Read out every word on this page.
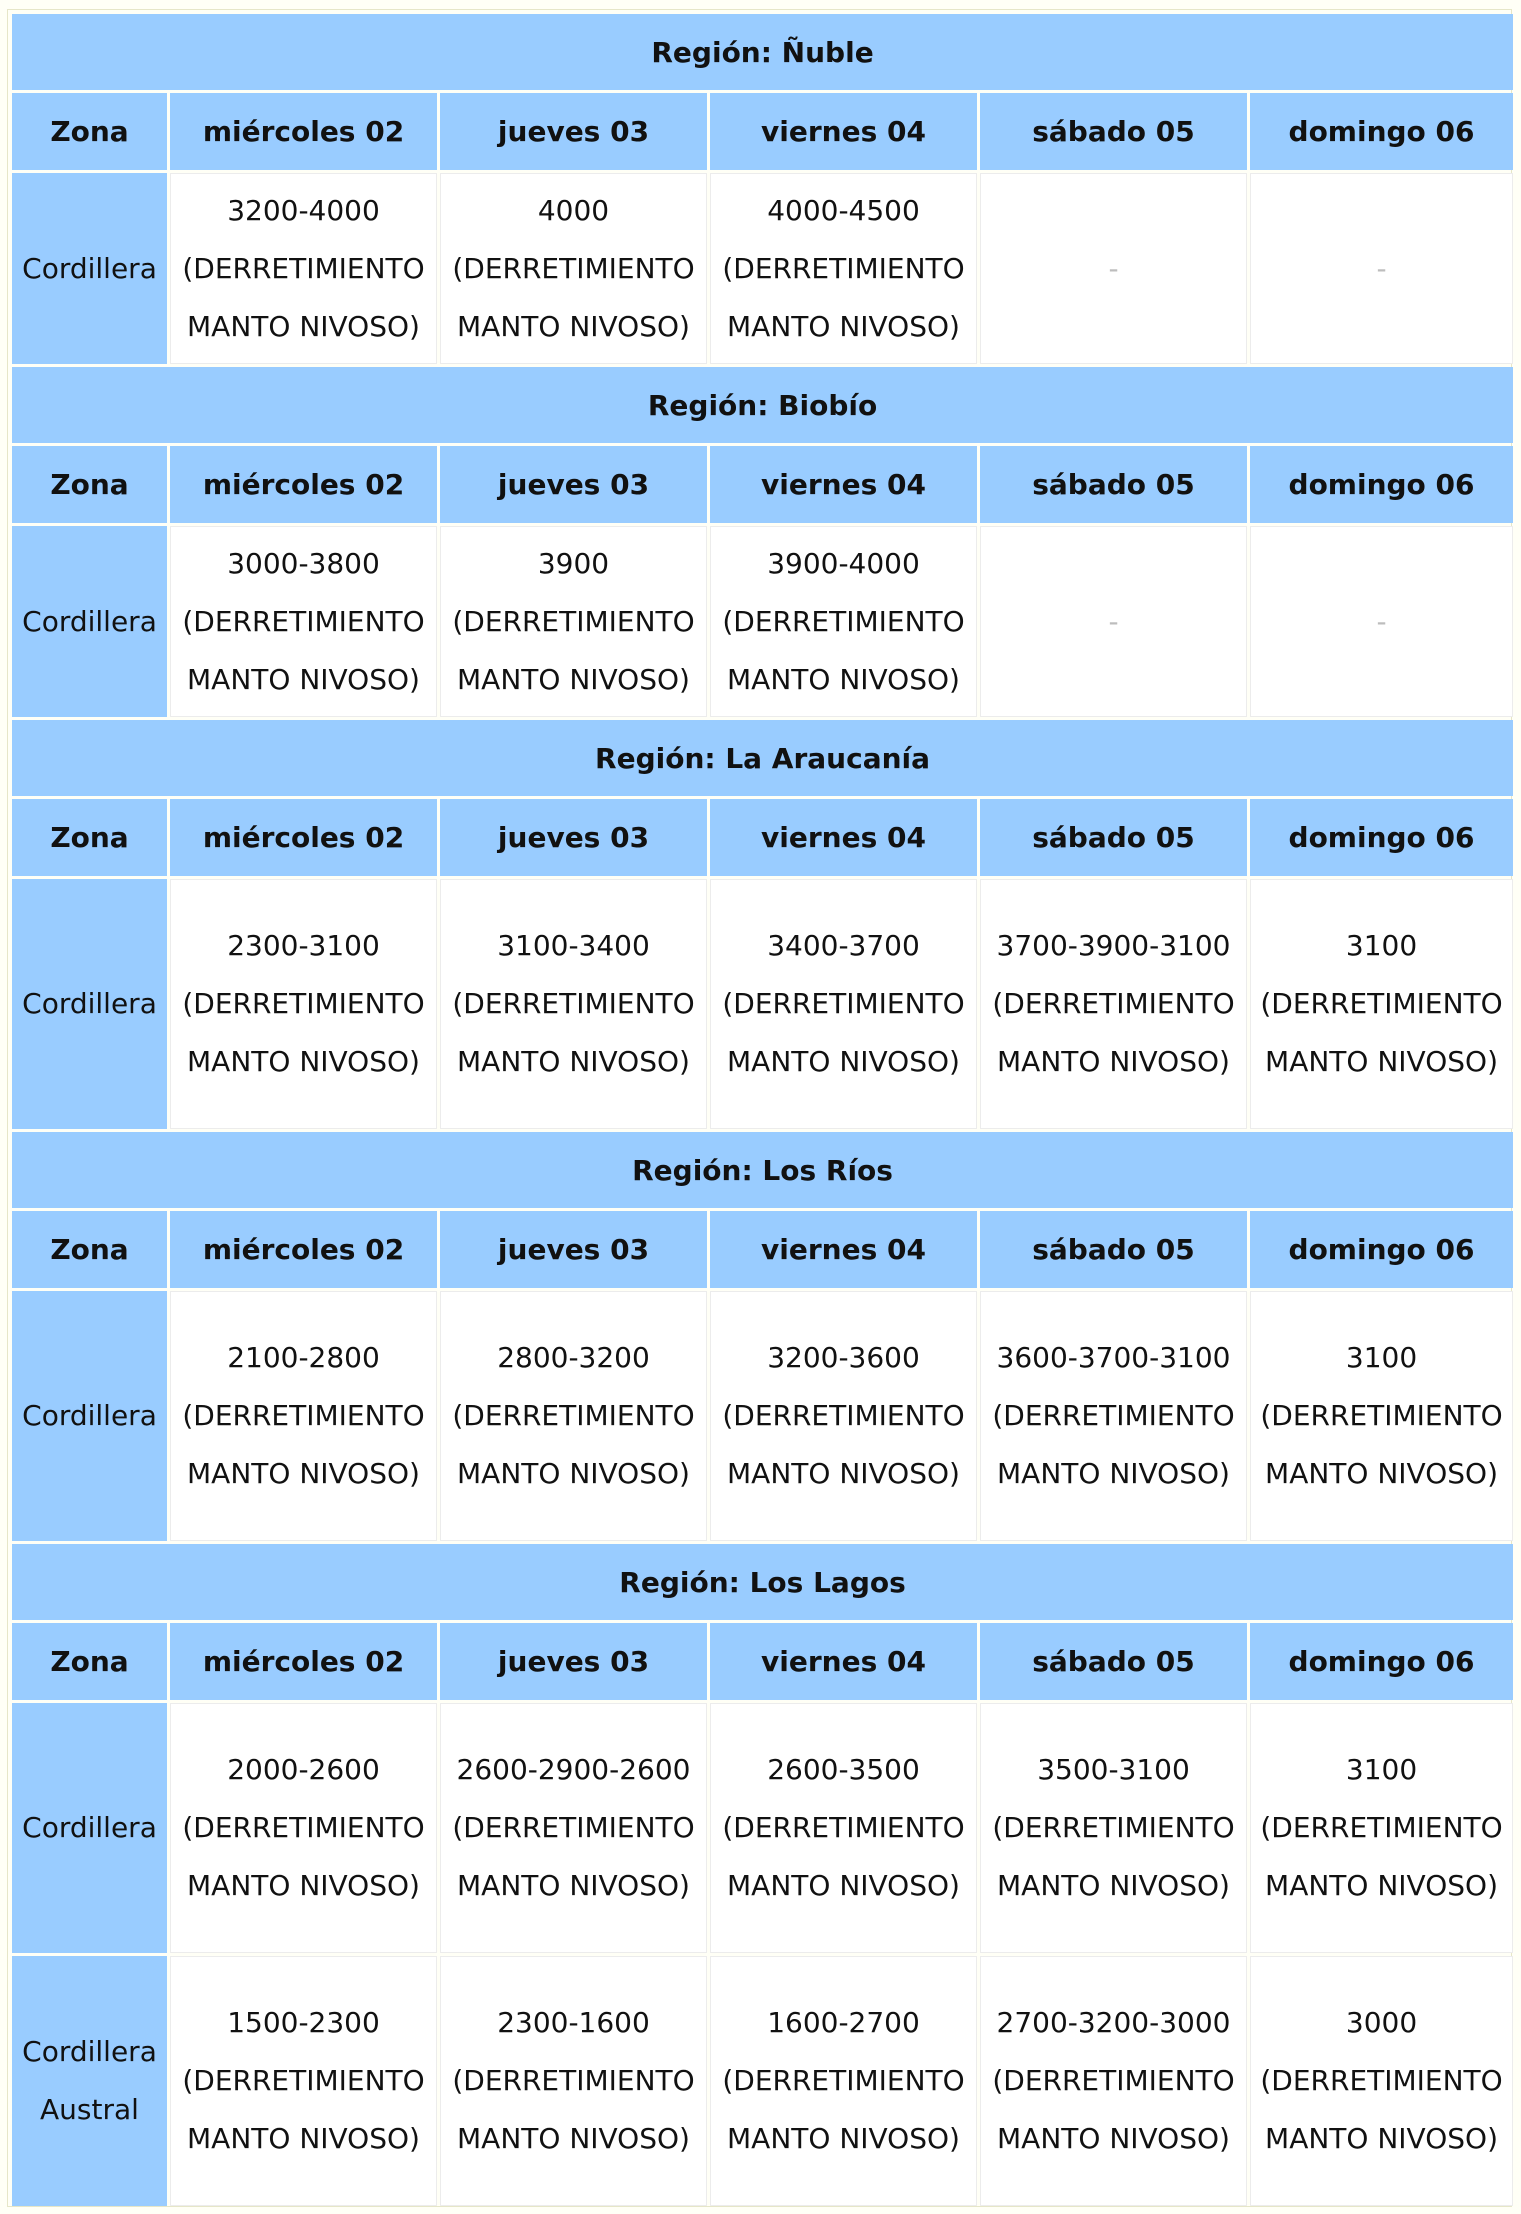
Región: Ñuble					
Zona	miércoles 02	jueves 03	viernes 04	sábado 05	domingo 06
Cordillera	3200-4000 (DERRETIMIENTO MANTO NIVOSO)	4000 (DERRETIMIENTO MANTO NIVOSO)	4000-4500 (DERRETIMIENTO MANTO NIVOSO)	-	-
Región: Biobío					
Zona	miércoles 02	jueves 03	viernes 04	sábado 05	domingo 06
Cordillera	3000-3800 (DERRETIMIENTO MANTO NIVOSO)	3900 (DERRETIMIENTO MANTO NIVOSO)	3900-4000 (DERRETIMIENTO MANTO NIVOSO)	-	-
Región: La Araucanía					
Zona	miércoles 02	jueves 03	viernes 04	sábado 05	domingo 06
Cordillera	2300-3100 (DERRETIMIENTO MANTO NIVOSO)	3100-3400 (DERRETIMIENTO MANTO NIVOSO)	3400-3700 (DERRETIMIENTO MANTO NIVOSO)	3700-3900-3100 (DERRETIMIENTO MANTO NIVOSO)	3100 (DERRETIMIENTO MANTO NIVOSO)
Región: Los Ríos					
Zona	miércoles 02	jueves 03	viernes 04	sábado 05	domingo 06
Cordillera	2100-2800 (DERRETIMIENTO MANTO NIVOSO)	2800-3200 (DERRETIMIENTO MANTO NIVOSO)	3200-3600 (DERRETIMIENTO MANTO NIVOSO)	3600-3700-3100 (DERRETIMIENTO MANTO NIVOSO)	3100 (DERRETIMIENTO MANTO NIVOSO)
Región: Los Lagos					
Zona	miércoles 02	jueves 03	viernes 04	sábado 05	domingo 06
Cordillera	2000-2600 (DERRETIMIENTO MANTO NIVOSO)	2600-2900-2600 (DERRETIMIENTO MANTO NIVOSO)	2600-3500 (DERRETIMIENTO MANTO NIVOSO)	3500-3100 (DERRETIMIENTO MANTO NIVOSO)	3100 (DERRETIMIENTO MANTO NIVOSO)
Cordillera Austral	1500-2300 (DERRETIMIENTO MANTO NIVOSO)	2300-1600 (DERRETIMIENTO MANTO NIVOSO)	1600-2700 (DERRETIMIENTO MANTO NIVOSO)	2700-3200-3000 (DERRETIMIENTO MANTO NIVOSO)	3000 (DERRETIMIENTO MANTO NIVOSO)
